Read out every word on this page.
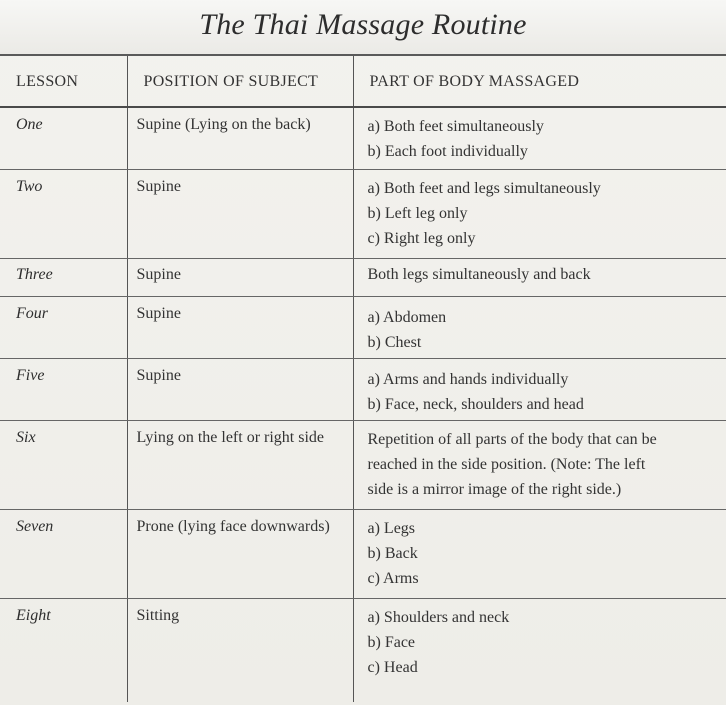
The Thai Massage Routine
LESSON	POSITION OF SUBJECT	PART OF BODY MASSAGED
One	Supine (Lying on the back)	a) Both feet simultaneously
b) Each foot individually

Two	Supine	a) Both feet and legs simultaneously
b) Left leg only
c) Right leg only

Three	Supine	Both legs simultaneously and back

Four	Supine	a) Abdomen
b) Chest

Five	Supine	a) Arms and hands individually
b) Face, neck, shoulders and head

Six	Lying on the left or right side	Repetition of all parts of the body that can be
reached in the side position. (Note: The left
side is a mirror image of the right side.)

Seven	Prone (lying face downwards)	a) Legs
b) Back
c) Arms

Eight	Sitting	a) Shoulders and neck
b) Face
c) Head
